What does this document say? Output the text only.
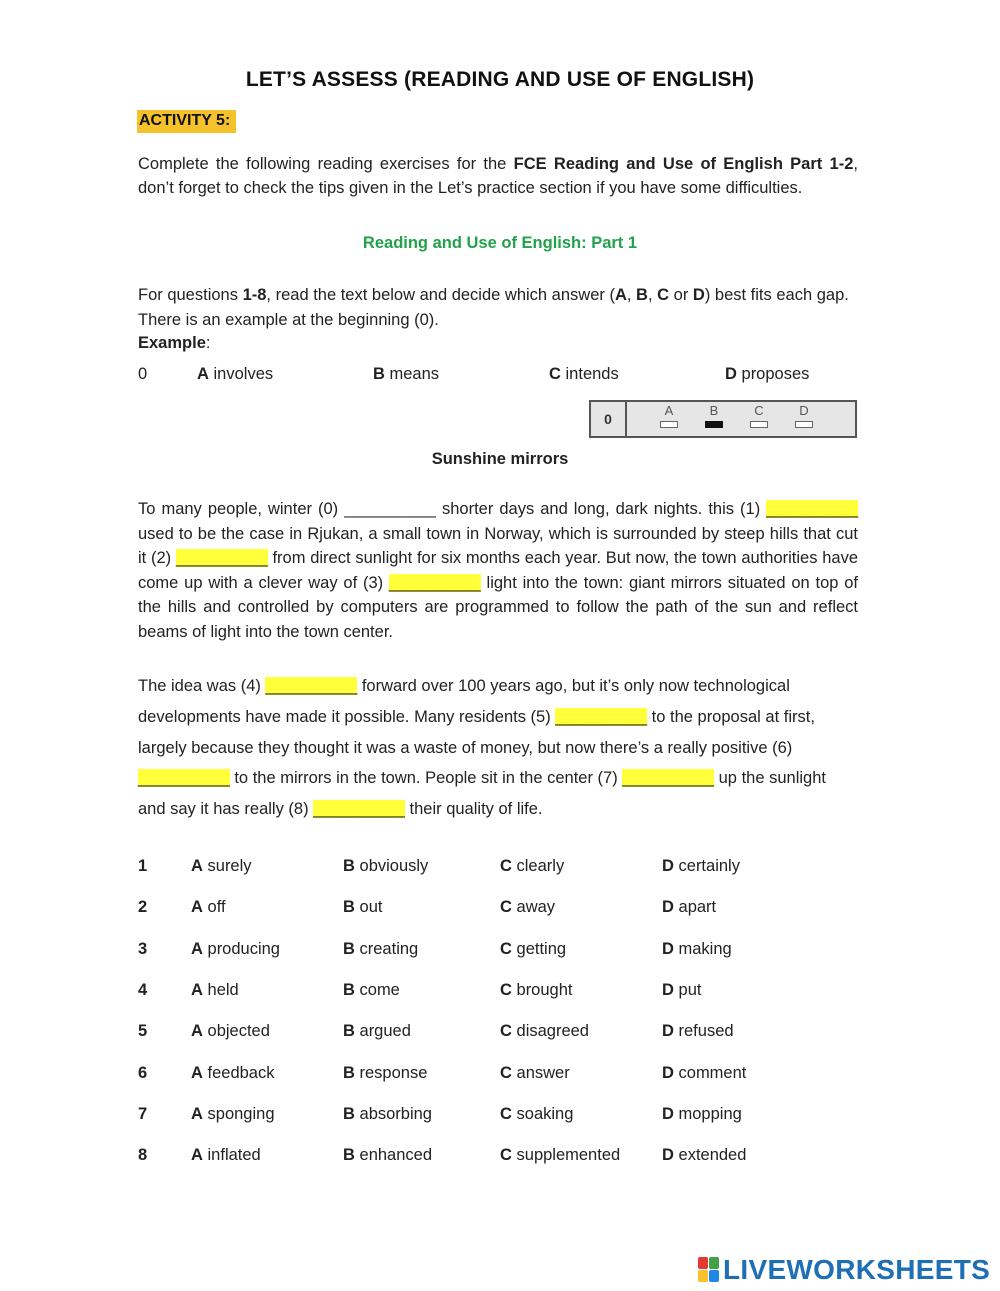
LET’S ASSESS (READING AND USE OF ENGLISH)
ACTIVITY 5:
Complete the following reading exercises for the FCE Reading and Use of English Part 1-2, don’t forget to check the tips given in the Let’s practice section if you have some difficulties.
Reading and Use of English: Part 1
For questions 1-8, read the text below and decide which answer (A, B, C or D) best fits each gap. There is an example at the beginning (0).
Example:
0	A involves	B means	C intends	D proposes
0
A	B	C	D
Sunshine mirrors
To many people, winter (0) __________ shorter days and long, dark nights. this (1) __________ used to be the case in Rjukan, a small town in Norway, which is surrounded by steep hills that cut it (2) __________ from direct sunlight for six months each year. But now, the town authorities have come up with a clever way of (3) __________ light into the town: giant mirrors situated on top of the hills and controlled by computers are programmed to follow the path of the sun and reflect beams of light into the town center.
The idea was (4) __________ forward over 100 years ago, but it’s only now technological developments have made it possible. Many residents (5) __________ to the proposal at first, largely because they thought it was a waste of money, but now there’s a really positive (6) __________ to the mirrors in the town. People sit in the center (7) __________ up the sunlight and say it has really (8) __________ their quality of life.
1	A surely	B obviously	C clearly	D certainly
2	A off	B out	C away	D apart
3	A producing	B creating	C getting	D making
4	A held	B come	C brought	D put
5	A objected	B argued	C disagreed	D refused
6	A feedback	B response	C answer	D comment
7	A sponging	B absorbing	C soaking	D mopping
8	A inflated	B enhanced	C supplemented	D extended
LIVEWORKSHEETS
